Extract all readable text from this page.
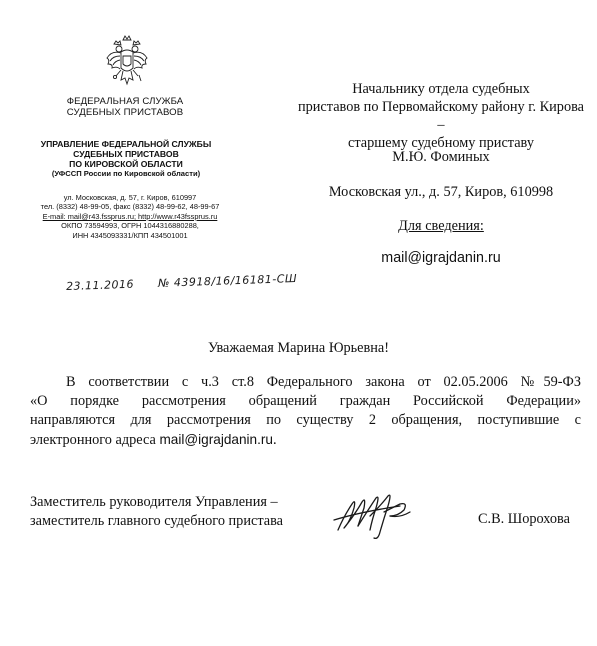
ФЕДЕРАЛЬНАЯ СЛУЖБА
СУДЕБНЫХ ПРИСТАВОВ
УПРАВЛЕНИЕ ФЕДЕРАЛЬНОЙ СЛУЖБЫ
СУДЕБНЫХ ПРИСТАВОВ
ПО КИРОВСКОЙ ОБЛАСТИ
(УФССП России по Кировской области)
ул. Московская, д. 57, г. Киров, 610997
тел. (8332) 48-99-05, факс (8332) 48-99-62, 48-99-67
E-mail: mail@r43.fssprus.ru; http://www.r43fssprus.ru
ОКПО 73594993, ОГРН 1044316880288,
ИНН 4345093331/КПП 434501001
23.11.2016 № 43918/16/16181-СШ
Начальнику отдела судебных
приставов по Первомайскому району г. Кирова –
старшему судебному приставу
М.Ю. Фоминых
Московская ул., д. 57, Киров, 610998
Для сведения:
mail@igrajdanin.ru
Уважаемая Марина Юрьевна!

В соответствии с ч.3 ст.8 Федерального закона от 02.05.2006 №59-ФЗ

«О порядке рассмотрения обращений граждан Российской Федерации»

направляются для рассмотрения по существу 2 обращения, поступившие с

электронного адреса mail@igrajdanin.ru.

Заместитель руководителя Управления –
заместитель главного судебного пристава	С.В. Шорохова
